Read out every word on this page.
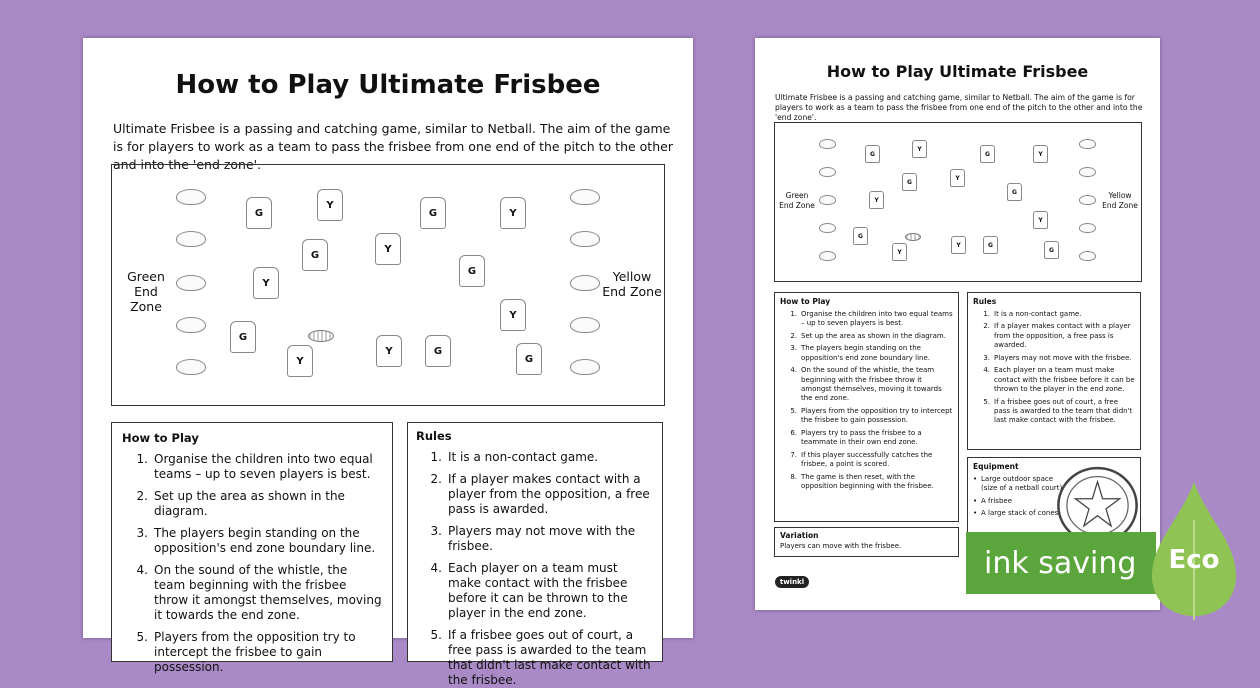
How to Play Ultimate Frisbee
Ultimate Frisbee is a passing and catching game, similar to Netball. The aim of the game is for players to work as a team to pass the frisbee from one end of the pitch to the other and into the 'end zone'.
Green
End Zone
Yellow
End Zone
G
Y
G	Y
G
Y
G
Y
Y
G
Y
Y	G
G
How to Play
1. Organise the children into two equal teams – up to seven players is best.
2. Set up the area as shown in the diagram.
3. The players begin standing on the opposition's end zone boundary line.
4. On the sound of the whistle, the team beginning with the frisbee throw it amongst themselves, moving it towards the end zone.
5. Players from the opposition try to intercept the frisbee to gain possession.
Rules
1. It is a non-contact game.
2. If a player makes contact with a player from the opposition, a free pass is awarded.
3. Players may not move with the frisbee.
4. Each player on a team must make contact with the frisbee before it can be thrown to the player in the end zone.
5. If a frisbee goes out of court, a free pass is awarded to the team that didn't last make contact with the frisbee.
How to Play Ultimate Frisbee
Ultimate Frisbee is a passing and catching game, similar to Netball. The aim of the game is for players to work as a team to pass the frisbee from one end of the pitch to the other and into the 'end zone'.
Green
End Zone
Yellow
End Zone
G
Y
G	Y
G
Y
G
Y
Y
G
Y
Y	G
G
How to Play
1. Organise the children into two equal teams – up to seven players is best.
2. Set up the area as shown in the diagram.
3. The players begin standing on the opposition's end zone boundary line.
4. On the sound of the whistle, the team beginning with the frisbee throw it amongst themselves, moving it towards the end zone.
5. Players from the opposition try to intercept the frisbee to gain possession.
6. Players try to pass the frisbee to a teammate in their own end zone.
7. If this player successfully catches the frisbee, a point is scored.
8. The game is then reset, with the opposition beginning with the frisbee.
Variation
Players can move with the frisbee.
Rules
1. It is a non-contact game.
2. If a player makes contact with a player from the opposition, a free pass is awarded.
3. Players may not move with the frisbee.
4. Each player on a team must make contact with the frisbee before it can be thrown to the player in the end zone.
5. If a frisbee goes out of court, a free pass is awarded to the team that didn't last make contact with the frisbee.
Equipment
• Large outdoor space (size of a netball court)
• A frisbee
• A large stack of cones
twinkl
ink saving	Eco
